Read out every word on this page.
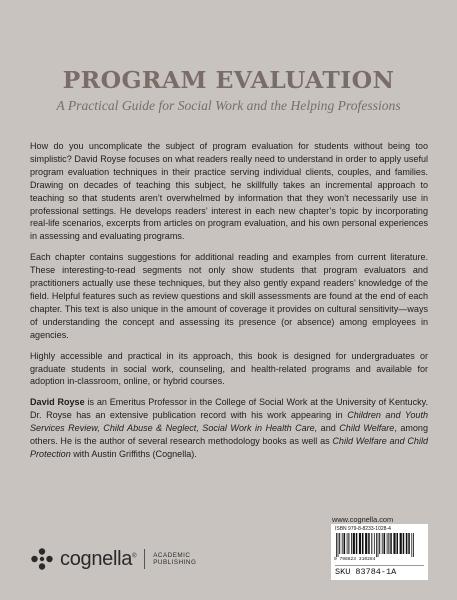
PROGRAM EVALUATION
A Practical Guide for Social Work and the Helping Professions

How do you uncomplicate the subject of program evaluation for students without being too simplistic? David Royse focuses on what readers really need to understand in order to apply useful program evaluation techniques in their practice serving individual clients, couples, and families. Drawing on decades of teaching this subject, he skillfully takes an incremental approach to teaching so that students aren’t overwhelmed by information that they won’t necessarily use in professional settings. He develops readers’ interest in each new chapter’s topic by incorporating real-life scenarios, excerpts from articles on program evaluation, and his own personal experiences in assessing and evaluating programs.

Each chapter contains suggestions for additional reading and examples from current literature. These interesting-to-read segments not only show students that program evaluators and practitioners actually use these techniques, but they also gently expand readers’ knowledge of the field. Helpful features such as review questions and skill assessments are found at the end of each chapter. This text is also unique in the amount of coverage it provides on cultural sensitivity—ways of understanding the concept and assessing its presence (or absence) among employees in agencies.

Highly accessible and practical in its approach, this book is designed for undergraduates or graduate students in social work, counseling, and health-related programs and available for adoption in-classroom, online, or hybrid courses.

David Royse is an Emeritus Professor in the College of Social Work at the University of Kentucky. Dr. Royse has an extensive publication record with his work appearing in Children and Youth Services Review, Child Abuse & Neglect, Social Work in Health Care, and Child Welfare, among others. He is the author of several research methodology books as well as Child Welfare and Child Protection with Austin Griffiths (Cognella).

www.cognella.com
ISBN 979-8-8233-1028-4
9 798823 310284
SKU 83784-1A
cognella®	ACADEMIC
PUBLISHING
